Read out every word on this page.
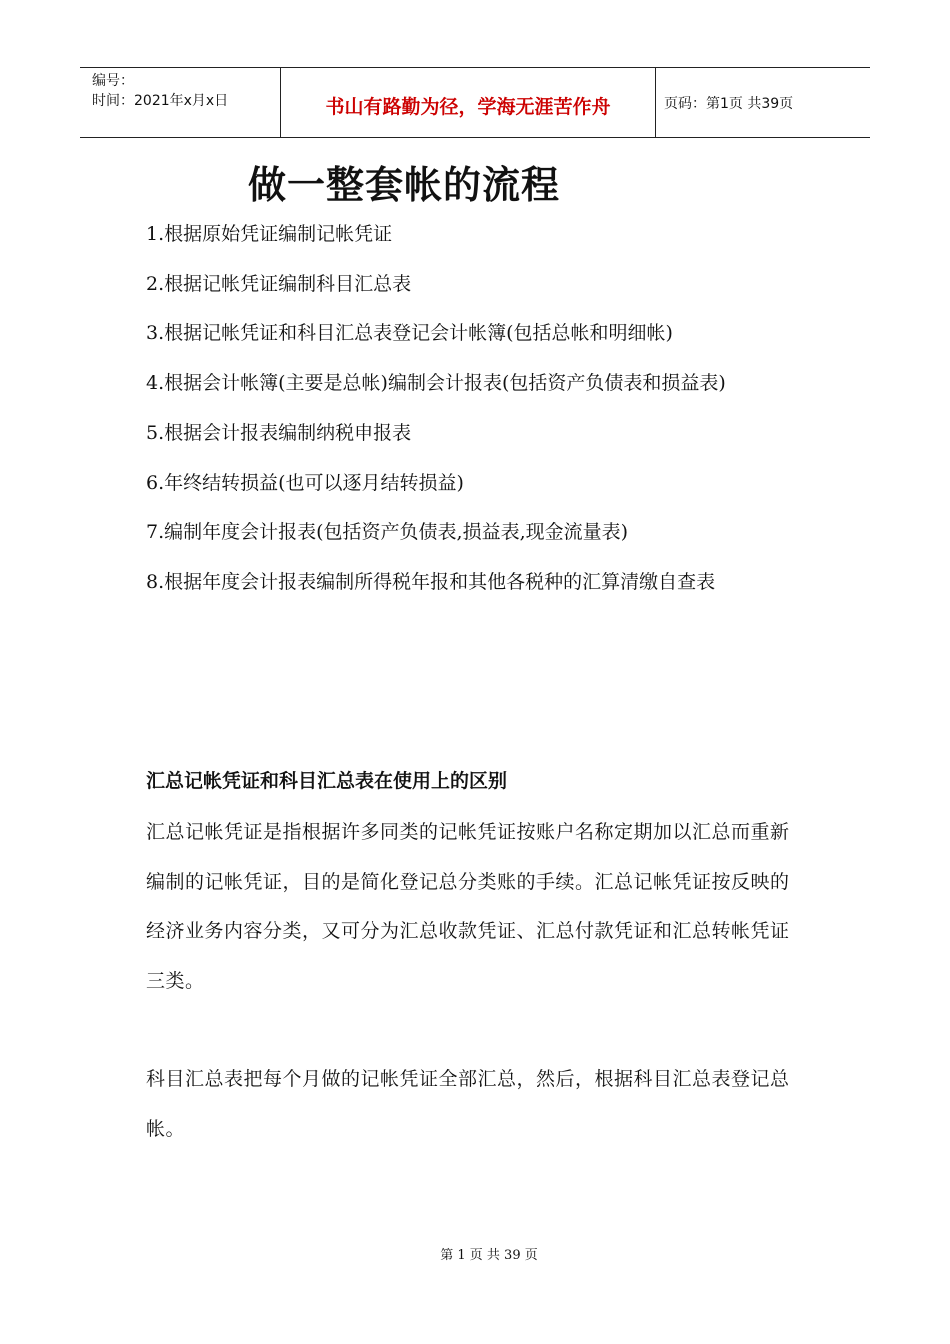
编号：
时间：2021年x月x日	书山有路勤为径，学海无涯苦作舟	页码：第1页 共39页
做一整套帐的流程
1.根据原始凭证编制记帐凭证
2.根据记帐凭证编制科目汇总表
3.根据记帐凭证和科目汇总表登记会计帐簿(包括总帐和明细帐)
4.根据会计帐簿(主要是总帐)编制会计报表(包括资产负债表和损益表)
5.根据会计报表编制纳税申报表
6.年终结转损益(也可以逐月结转损益)
7.编制年度会计报表(包括资产负债表,损益表,现金流量表)
8.根据年度会计报表编制所得税年报和其他各税种的汇算清缴自查表
汇总记帐凭证和科目汇总表在使用上的区别

汇总记帐凭证是指根据许多同类的记帐凭证按账户名称定期加以汇总而重新编制的记帐凭证，目的是简化登记总分类账的手续。汇总记帐凭证按反映的经济业务内容分类，又可分为汇总收款凭证、汇总付款凭证和汇总转帐凭证三类。

科目汇总表把每个月做的记帐凭证全部汇总，然后，根据科目汇总表登记总帐。

第 1 页 共 39 页
